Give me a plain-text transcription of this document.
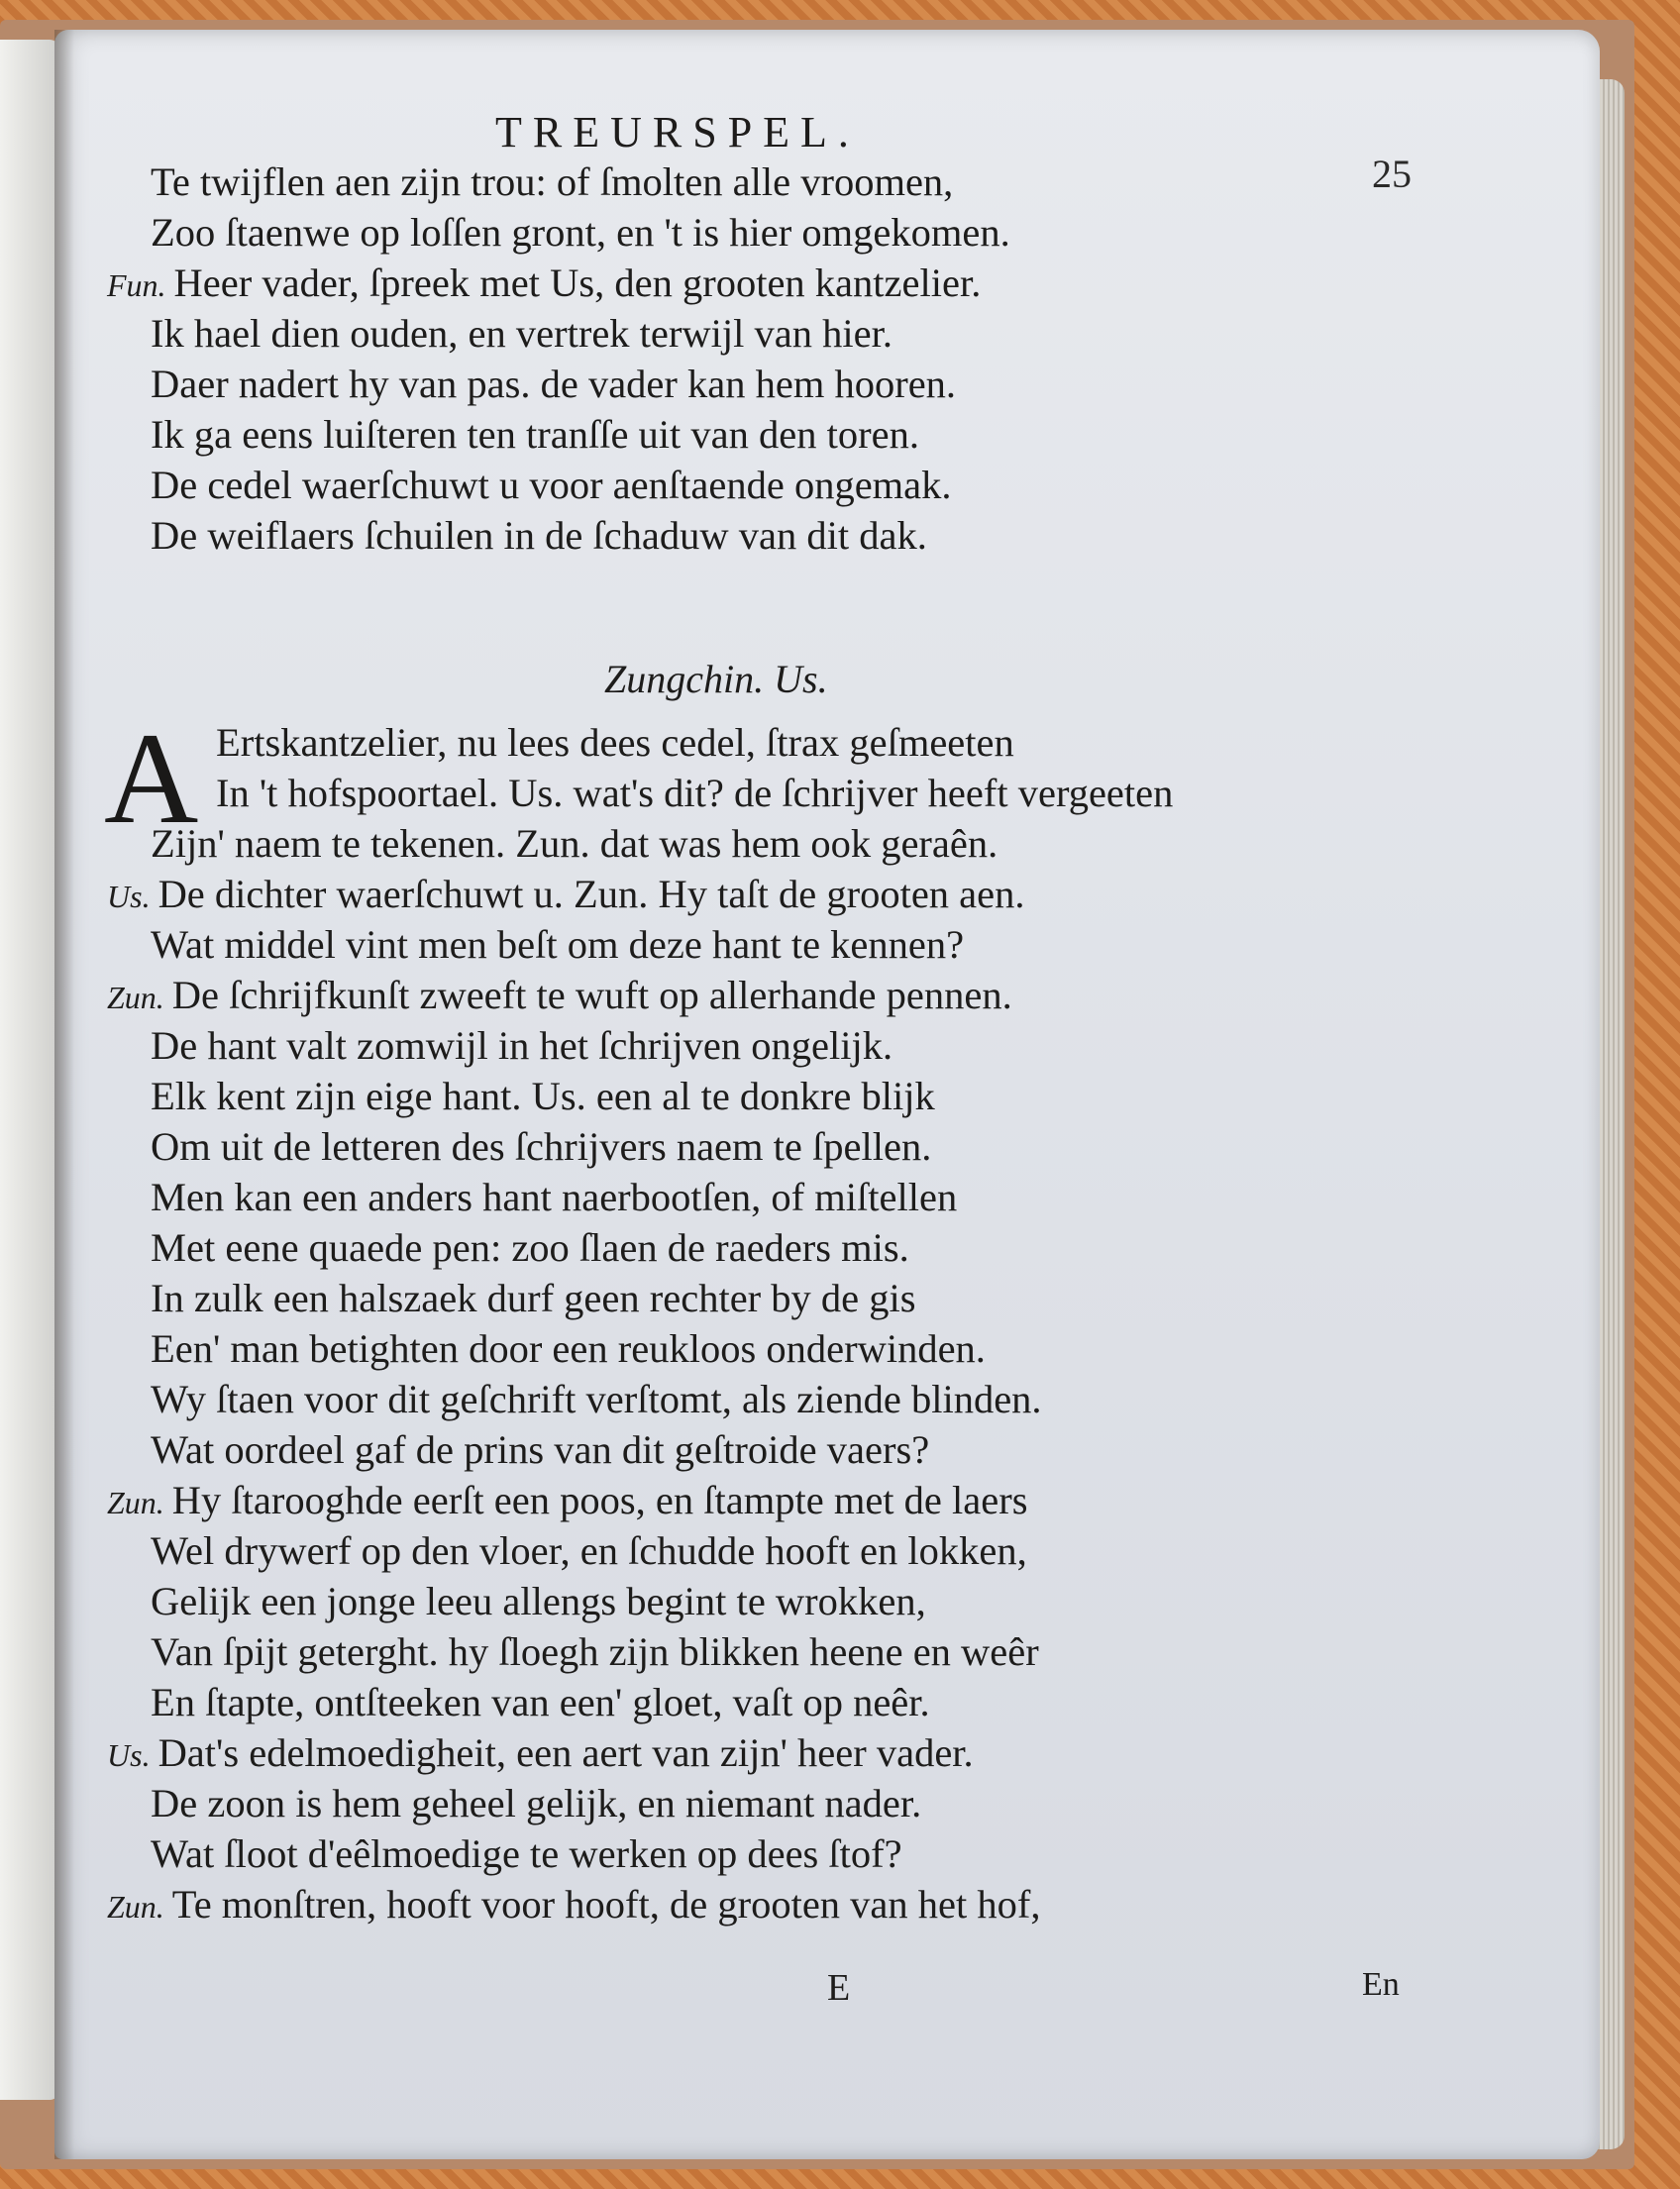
TREURSPEL.
25
Zungchin. Us.
A
Te twijflen aen zijn trou: of ſmolten alle vroomen,
Zoo ſtaenwe op loſſen gront, en 't is hier omgekomen.
Fun. Heer vader, ſpreek met Us, den grooten kantzelier.
Ik hael dien ouden, en vertrek terwijl van hier.
Daer nadert hy van pas. de vader kan hem hooren.
Ik ga eens luiſteren ten tranſſe uit van den toren.
De cedel waerſchuwt u voor aenſtaende ongemak.
De weiflaers ſchuilen in de ſchaduw van dit dak.
Ertskantzelier, nu lees dees cedel, ſtrax geſmeeten
In 't hofspoortael. Us. wat's dit? de ſchrijver heeft vergeeten
Zijn' naem te tekenen. Zun. dat was hem ook geraên.
Us. De dichter waerſchuwt u. Zun. Hy taſt de grooten aen.
Wat middel vint men beſt om deze hant te kennen?
Zun. De ſchrijfkunſt zweeft te wuft op allerhande pennen.
De hant valt zomwijl in het ſchrijven ongelijk.
Elk kent zijn eige hant. Us. een al te donkre blijk
Om uit de letteren des ſchrijvers naem te ſpellen.
Men kan een anders hant naerbootſen, of miſtellen
Met eene quaede pen: zoo ſlaen de raeders mis.
In zulk een halszaek durf geen rechter by de gis
Een' man betighten door een reukloos onderwinden.
Wy ſtaen voor dit geſchrift verſtomt, als ziende blinden.
Wat oordeel gaf de prins van dit geſtroide vaers?
Zun. Hy ſtarooghde eerſt een poos, en ſtampte met de laers
Wel drywerf op den vloer, en ſchudde hooft en lokken,
Gelijk een jonge leeu allengs begint te wrokken,
Van ſpijt geterght. hy ſloegh zijn blikken heene en weêr
En ſtapte, ontſteeken van een' gloet, vaſt op neêr.
Us. Dat's edelmoedigheit, een aert van zijn' heer vader.
De zoon is hem geheel gelijk, en niemant nader.
Wat ſloot d'eêlmoedige te werken op dees ſtof?
Zun. Te monſtren, hooft voor hooft, de grooten van het hof,
E	En
